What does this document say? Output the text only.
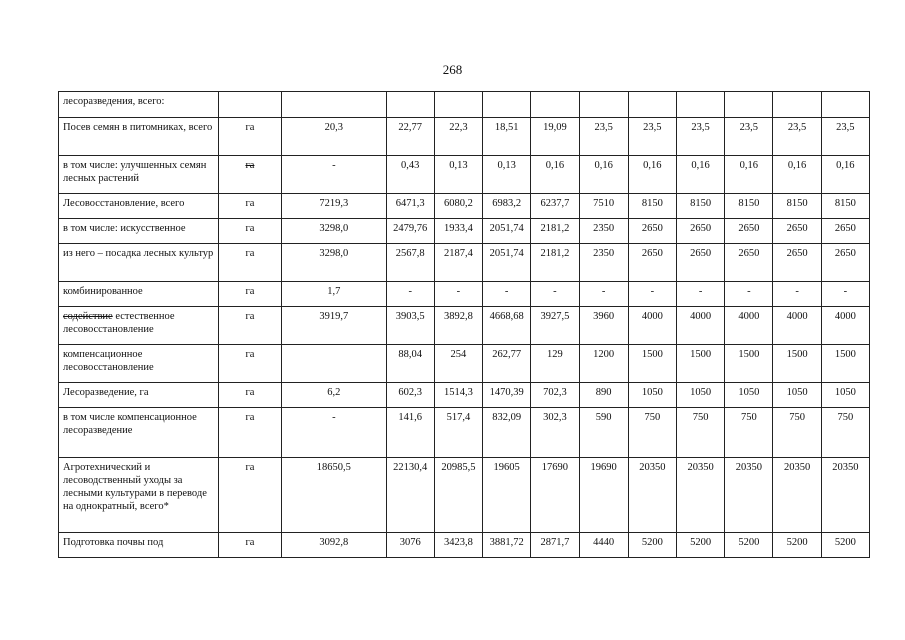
268
лесоразведения, всего:												
Посев семян в питомниках, всего	га	20,3	22,77	22,3	18,51	19,09	23,5	23,5	23,5	23,5	23,5	23,5
в том числе: улучшенных семян лесных растений	га	-	0,43	0,13	0,13	0,16	0,16	0,16	0,16	0,16	0,16	0,16
Лесовосстановление, всего	га	7219,3	6471,3	6080,2	6983,2	6237,7	7510	8150	8150	8150	8150	8150
в том числе: искусственное	га	3298,0	2479,76	1933,4	2051,74	2181,2	2350	2650	2650	2650	2650	2650
из него – посадка лесных культур	га	3298,0	2567,8	2187,4	2051,74	2181,2	2350	2650	2650	2650	2650	2650
комбинированное	га	1,7	-	-	-	-	-	-	-	-	-	-
содействие естественное лесовосстановление	га	3919,7	3903,5	3892,8	4668,68	3927,5	3960	4000	4000	4000	4000	4000
компенсационное лесовосстановление	га		88,04	254	262,77	129	1200	1500	1500	1500	1500	1500
Лесоразведение, га	га	6,2	602,3	1514,3	1470,39	702,3	890	1050	1050	1050	1050	1050
в том числе компенсационное лесоразведение	га	-	141,6	517,4	832,09	302,3	590	750	750	750	750	750
Агротехнический и лесоводственный уходы за лесными культурами в переводе на однократный, всего*	га	18650,5	22130,4	20985,5	19605	17690	19690	20350	20350	20350	20350	20350
Подготовка почвы под	га	3092,8	3076	3423,8	3881,72	2871,7	4440	5200	5200	5200	5200	5200
